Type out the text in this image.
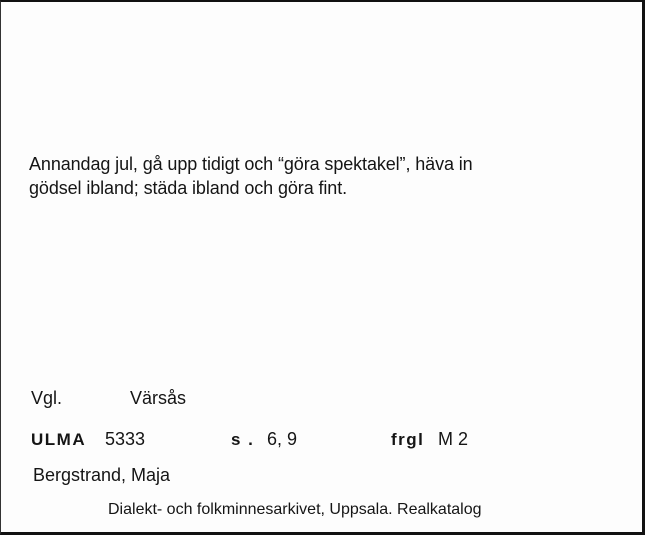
Annandag jul, gå upp tidigt och “göra spektakel”, häva in
gödsel ibland; städa ibland och göra fint.

Vgl.	Värsås
ULMA 5333	s . 6, 9	frgl M 2
Bergstrand, Maja
Dialekt- och folkminnesarkivet, Uppsala. Realkatalog
